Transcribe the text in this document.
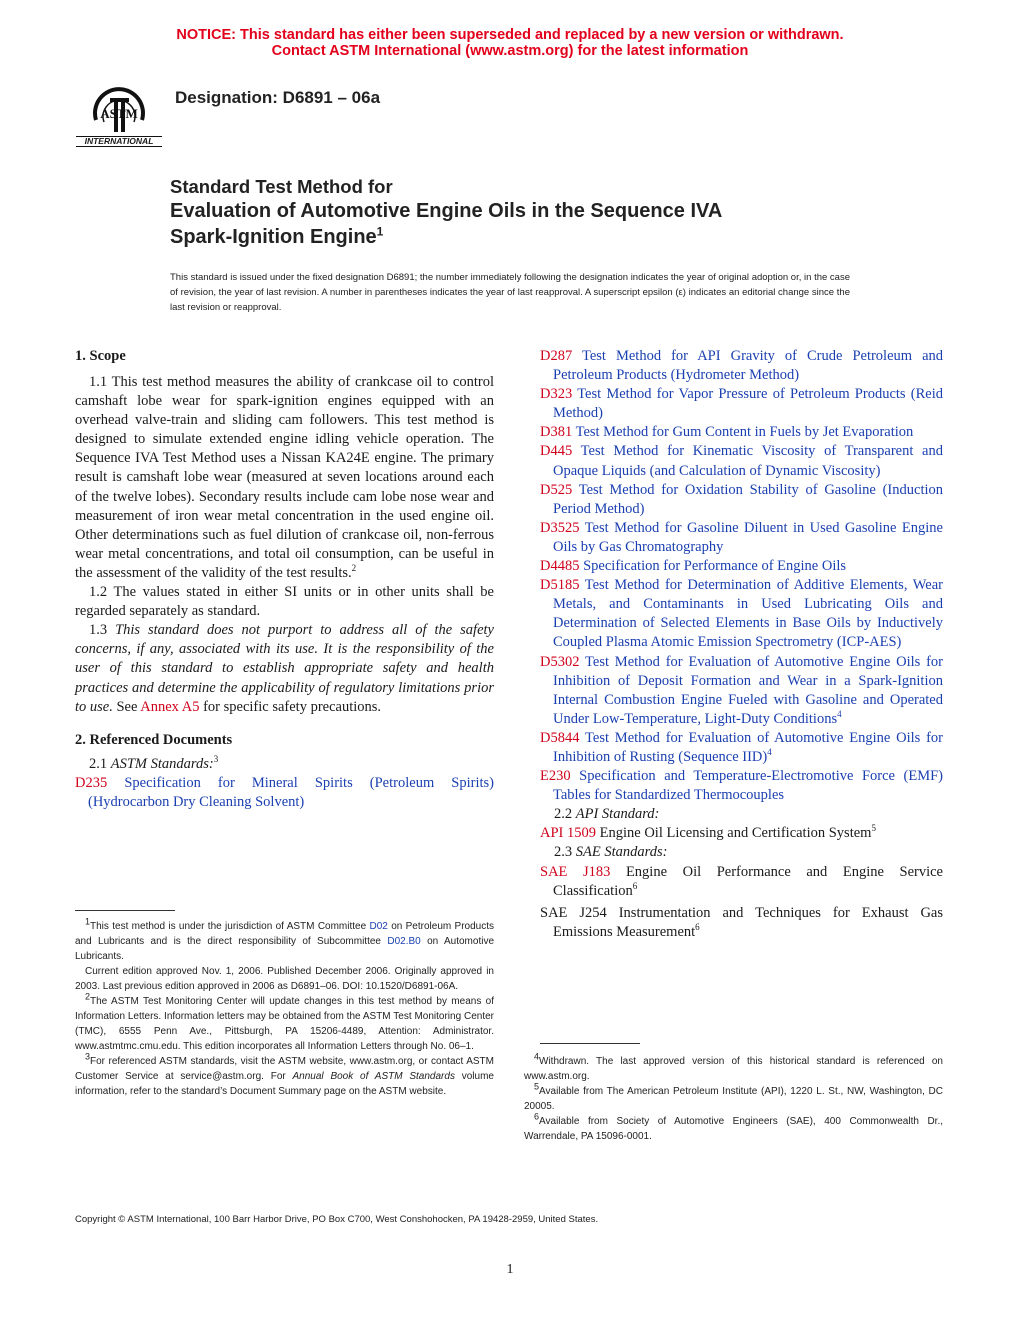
NOTICE: This standard has either been superseded and replaced by a new version or withdrawn.
Contact ASTM International (www.astm.org) for the latest information
ASTM
INTERNATIONAL
Designation: D6891 – 06a
Standard Test Method for
Evaluation of Automotive Engine Oils in the Sequence IVA
Spark-Ignition Engine$^1$
This standard is issued under the fixed designation D6891; the number immediately following the designation indicates the year of original adoption or, in the case of revision, the year of last revision. A number in parentheses indicates the year of last reapproval. A superscript epsilon (ε) indicates an editorial change since the last revision or reapproval.
1. Scope

1.1 This test method measures the ability of crankcase oil to control camshaft lobe wear for spark-ignition engines equipped with an overhead valve-train and sliding cam followers. This test method is designed to simulate extended engine idling vehicle operation. The Sequence IVA Test Method uses a Nissan KA24E engine. The primary result is camshaft lobe wear (measured at seven locations around each of the twelve lobes). Secondary results include cam lobe nose wear and measurement of iron wear metal concentration in the used engine oil. Other determinations such as fuel dilution of crankcase oil, non-ferrous wear metal concentrations, and total oil consumption, can be useful in the assessment of the validity of the test results.$^2$

1.2 The values stated in either SI units or in other units shall be regarded separately as standard.

1.3 This standard does not purport to address all of the safety concerns, if any, associated with its use. It is the responsibility of the user of this standard to establish appropriate safety and health practices and determine the applicability of regulatory limitations prior to use. See Annex A5 for specific safety precautions.

2. Referenced Documents

2.1 ASTM Standards:$^3$

D235 Specification for Mineral Spirits (Petroleum Spirits) (Hydrocarbon Dry Cleaning Solvent)

D287 Test Method for API Gravity of Crude Petroleum and Petroleum Products (Hydrometer Method)

D323 Test Method for Vapor Pressure of Petroleum Products (Reid Method)

D381 Test Method for Gum Content in Fuels by Jet Evaporation

D445 Test Method for Kinematic Viscosity of Transparent and Opaque Liquids (and Calculation of Dynamic Viscosity)

D525 Test Method for Oxidation Stability of Gasoline (Induction Period Method)

D3525 Test Method for Gasoline Diluent in Used Gasoline Engine Oils by Gas Chromatography

D4485 Specification for Performance of Engine Oils

D5185 Test Method for Determination of Additive Elements, Wear Metals, and Contaminants in Used Lubricating Oils and Determination of Selected Elements in Base Oils by Inductively Coupled Plasma Atomic Emission Spectrometry (ICP-AES)

D5302 Test Method for Evaluation of Automotive Engine Oils for Inhibition of Deposit Formation and Wear in a Spark-Ignition Internal Combustion Engine Fueled with Gasoline and Operated Under Low-Temperature, Light-Duty Conditions$^4$

D5844 Test Method for Evaluation of Automotive Engine Oils for Inhibition of Rusting (Sequence IID)$^4$

E230 Specification and Temperature-Electromotive Force (EMF) Tables for Standardized Thermocouples

2.2 API Standard:

API 1509 Engine Oil Licensing and Certification System$^5$

2.3 SAE Standards:

SAE J183 Engine Oil Performance and Engine Service Classification$^6$

SAE J254 Instrumentation and Techniques for Exhaust Gas Emissions Measurement$^6$

$^1$This test method is under the jurisdiction of ASTM Committee D02 on Petroleum Products and Lubricants and is the direct responsibility of Subcommittee D02.B0 on Automotive Lubricants.

Current edition approved Nov. 1, 2006. Published December 2006. Originally approved in 2003. Last previous edition approved in 2006 as D6891–06. DOI: 10.1520/D6891-06A.

$^2$The ASTM Test Monitoring Center will update changes in this test method by means of Information Letters. Information letters may be obtained from the ASTM Test Monitoring Center (TMC), 6555 Penn Ave., Pittsburgh, PA 15206-4489, Attention: Administrator. www.astmtmc.cmu.edu. This edition incorporates all Information Letters through No. 06–1.

$^3$For referenced ASTM standards, visit the ASTM website, www.astm.org, or contact ASTM Customer Service at service@astm.org. For Annual Book of ASTM Standards volume information, refer to the standard’s Document Summary page on the ASTM website.

$^4$Withdrawn. The last approved version of this historical standard is referenced on www.astm.org.

$^5$Available from The American Petroleum Institute (API), 1220 L. St., NW, Washington, DC 20005.

$^6$Available from Society of Automotive Engineers (SAE), 400 Commonwealth Dr., Warrendale, PA 15096-0001.

Copyright © ASTM International, 100 Barr Harbor Drive, PO Box C700, West Conshohocken, PA 19428-2959, United States.
1
